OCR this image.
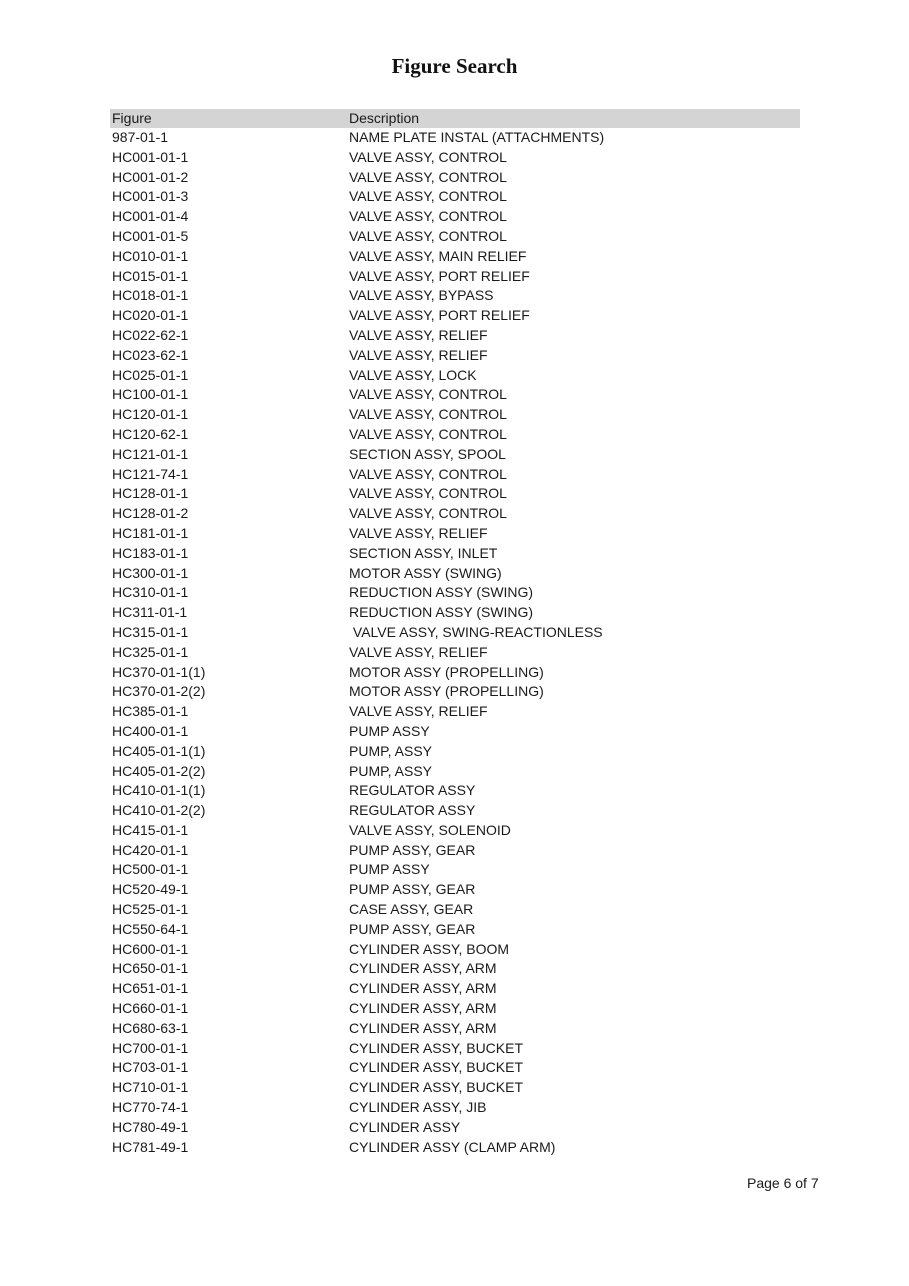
Figure Search
Figure	Description
987-01-1	NAME PLATE INSTAL (ATTACHMENTS)
HC001-01-1	VALVE ASSY, CONTROL
HC001-01-2	VALVE ASSY, CONTROL
HC001-01-3	VALVE ASSY, CONTROL
HC001-01-4	VALVE ASSY, CONTROL
HC001-01-5	VALVE ASSY, CONTROL
HC010-01-1	VALVE ASSY, MAIN RELIEF
HC015-01-1	VALVE ASSY, PORT RELIEF
HC018-01-1	VALVE ASSY, BYPASS
HC020-01-1	VALVE ASSY, PORT RELIEF
HC022-62-1	VALVE ASSY, RELIEF
HC023-62-1	VALVE ASSY, RELIEF
HC025-01-1	VALVE ASSY, LOCK
HC100-01-1	VALVE ASSY, CONTROL
HC120-01-1	VALVE ASSY, CONTROL
HC120-62-1	VALVE ASSY, CONTROL
HC121-01-1	SECTION ASSY, SPOOL
HC121-74-1	VALVE ASSY, CONTROL
HC128-01-1	VALVE ASSY, CONTROL
HC128-01-2	VALVE ASSY, CONTROL
HC181-01-1	VALVE ASSY, RELIEF
HC183-01-1	SECTION ASSY, INLET
HC300-01-1	MOTOR ASSY (SWING)
HC310-01-1	REDUCTION ASSY (SWING)
HC311-01-1	REDUCTION ASSY (SWING)
HC315-01-1	VALVE ASSY, SWING-REACTIONLESS
HC325-01-1	VALVE ASSY, RELIEF
HC370-01-1(1)	MOTOR ASSY (PROPELLING)
HC370-01-2(2)	MOTOR ASSY (PROPELLING)
HC385-01-1	VALVE ASSY, RELIEF
HC400-01-1	PUMP ASSY
HC405-01-1(1)	PUMP, ASSY
HC405-01-2(2)	PUMP, ASSY
HC410-01-1(1)	REGULATOR ASSY
HC410-01-2(2)	REGULATOR ASSY
HC415-01-1	VALVE ASSY, SOLENOID
HC420-01-1	PUMP ASSY, GEAR
HC500-01-1	PUMP ASSY
HC520-49-1	PUMP ASSY, GEAR
HC525-01-1	CASE ASSY, GEAR
HC550-64-1	PUMP ASSY, GEAR
HC600-01-1	CYLINDER ASSY, BOOM
HC650-01-1	CYLINDER ASSY, ARM
HC651-01-1	CYLINDER ASSY, ARM
HC660-01-1	CYLINDER ASSY, ARM
HC680-63-1	CYLINDER ASSY, ARM
HC700-01-1	CYLINDER ASSY, BUCKET
HC703-01-1	CYLINDER ASSY, BUCKET
HC710-01-1	CYLINDER ASSY, BUCKET
HC770-74-1	CYLINDER ASSY, JIB
HC780-49-1	CYLINDER ASSY
HC781-49-1	CYLINDER ASSY (CLAMP ARM)
Page 6 of 7
